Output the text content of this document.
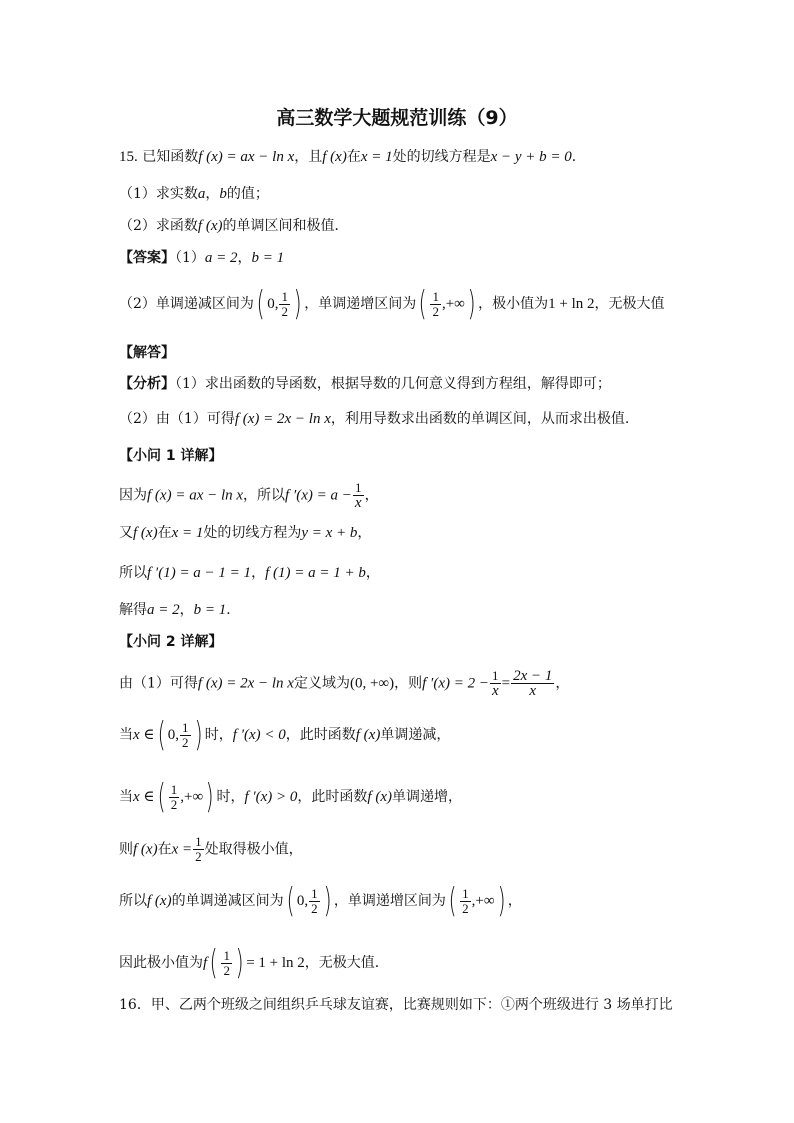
高三数学大题规范训练（9）
15. 已知函数f (x) = ax − ln x，且f (x)在x = 1处的切线方程是x − y + b = 0．
（1）求实数a，b的值；
（2）求函数f (x)的单调区间和极值．
【答案】（1）a = 2，b = 1
（2）单调递减区间为( 0, $\frac{1}{2}$ ) ，单调递增区间为( $\frac{1}{2}$ ,+∞) ，极小值为1 + ln 2，无极大值
【解答】
【分析】（1）求出函数的导函数，根据导数的几何意义得到方程组，解得即可；
（2）由（1）可得f (x) = 2x − ln x，利用导数求出函数的单调区间，从而求出极值.
【小问 1 详解】
因为f (x) = ax − ln x，所以f $'(x) = a - \frac{1}{x}$ ，
又f (x)在x = 1处的切线方程为y = x + b，
所以f ′(1) = a − 1 = 1，f (1) = a = 1 + b，
解得a = 2，b = 1．
【小问 2 详解】
由（1）可得f (x) = 2x − ln x定义域为(0, +∞)，则f $'(x) = 2 - \frac{1}{x} = \frac{2x - 1}{x}$ ，
当x ∈( 0, $\frac{1}{2}$ ) 时，f ′(x) < 0，此时函数f (x)单调递减，
当x ∈( $\frac{1}{2}$ ,+∞) 时，f ′(x) > 0，此时函数f (x)单调递增，
则f (x)在$x = \frac{1}{2}$ 处取得极小值，
所以f (x)的单调递减区间为( 0, $\frac{1}{2}$ ) ，单调递增区间为( $\frac{1}{2}$ ,+∞) ，
因此极小值为$f( \frac{1}{2}$ ) = 1 + ln 2，无极大值．
16．甲、乙两个班级之间组织乒乓球友谊赛，比赛规则如下：①两个班级进行 3 场单打比
